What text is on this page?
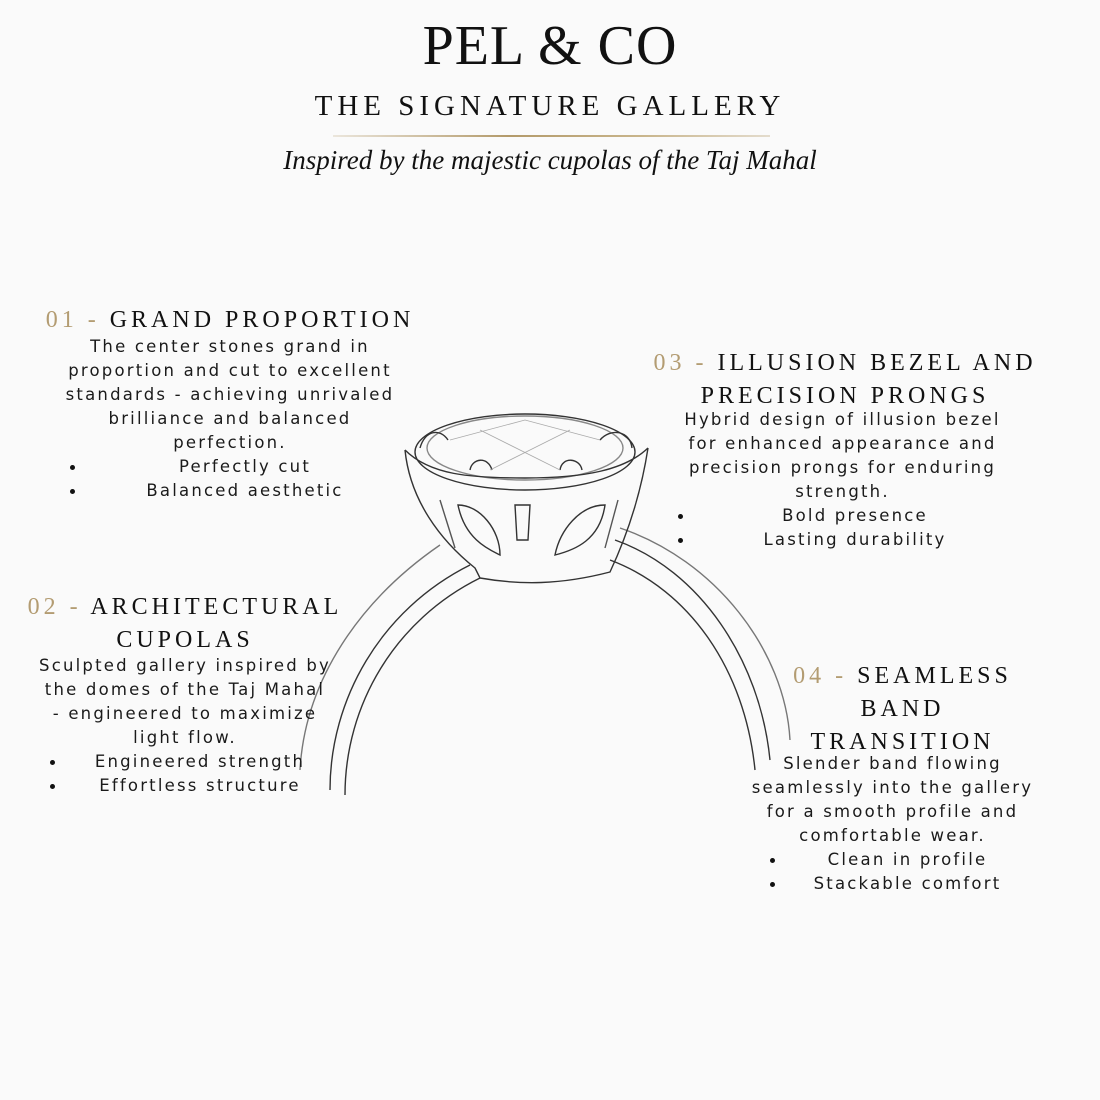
PEL & CO
THE SIGNATURE GALLERY
Inspired by the majestic cupolas of the Taj Mahal
01 - GRAND PROPORTION
The center stones grand in
proportion and cut to excellent
standards - achieving unrivaled
brilliance and balanced
perfection.
Perfectly cut
Balanced aesthetic
02 - ARCHITECTURAL
CUPOLAS
Sculpted gallery inspired by
the domes of the Taj Mahal
- engineered to maximize
light flow.
Engineered strength
Effortless structure
03 - ILLUSION BEZEL AND
PRECISION PRONGS
Hybrid design of illusion bezel
for enhanced appearance and
precision prongs for enduring
strength.
Bold presence
Lasting durability
04 - SEAMLESS BAND
TRANSITION
Slender band flowing
seamlessly into the gallery
for a smooth profile and
comfortable wear.
Clean in profile
Stackable comfort
